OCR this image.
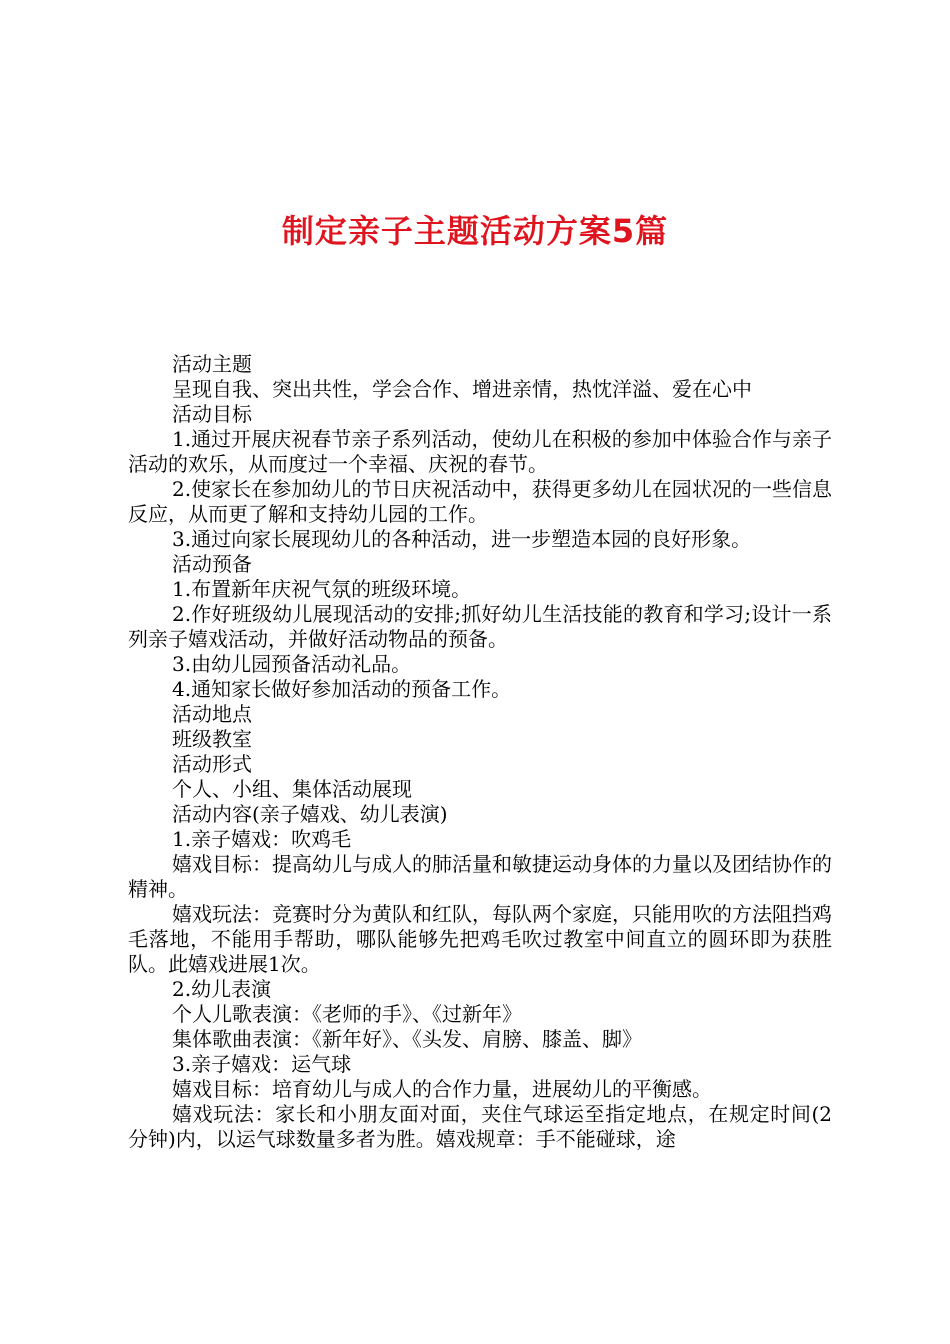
制定亲子主题活动方案5篇

活动主题

呈现自我、突出共性，学会合作、增进亲情，热忱洋溢、爱在心中

活动目标

1.通过开展庆祝春节亲子系列活动，使幼儿在积极的参加中体验合作与亲子活动的欢乐，从而度过一个幸福、庆祝的春节。

2.使家长在参加幼儿的节日庆祝活动中，获得更多幼儿在园状况的一些信息反应，从而更了解和支持幼儿园的工作。

3.通过向家长展现幼儿的各种活动，进一步塑造本园的良好形象。

活动预备

1.布置新年庆祝气氛的班级环境。

2.作好班级幼儿展现活动的安排;抓好幼儿生活技能的教育和学习;设计一系列亲子嬉戏活动，并做好活动物品的预备。

3.由幼儿园预备活动礼品。

4.通知家长做好参加活动的预备工作。

活动地点

班级教室

活动形式

个人、小组、集体活动展现

活动内容(亲子嬉戏、幼儿表演)

1.亲子嬉戏：吹鸡毛

嬉戏目标：提高幼儿与成人的肺活量和敏捷运动身体的力量以及团结协作的精神。

嬉戏玩法：竞赛时分为黄队和红队，每队两个家庭，只能用吹的方法阻挡鸡毛落地，不能用手帮助，哪队能够先把鸡毛吹过教室中间直立的圆环即为获胜队。此嬉戏进展1次。

2.幼儿表演

个人儿歌表演：《老师的手》、《过新年》

集体歌曲表演：《新年好》、《头发、肩膀、膝盖、脚》

3.亲子嬉戏：运气球

嬉戏目标：培育幼儿与成人的合作力量，进展幼儿的平衡感。

嬉戏玩法：家长和小朋友面对面，夹住气球运至指定地点，在规定时间(2分钟)内，以运气球数量多者为胜。嬉戏规章：手不能碰球，途
